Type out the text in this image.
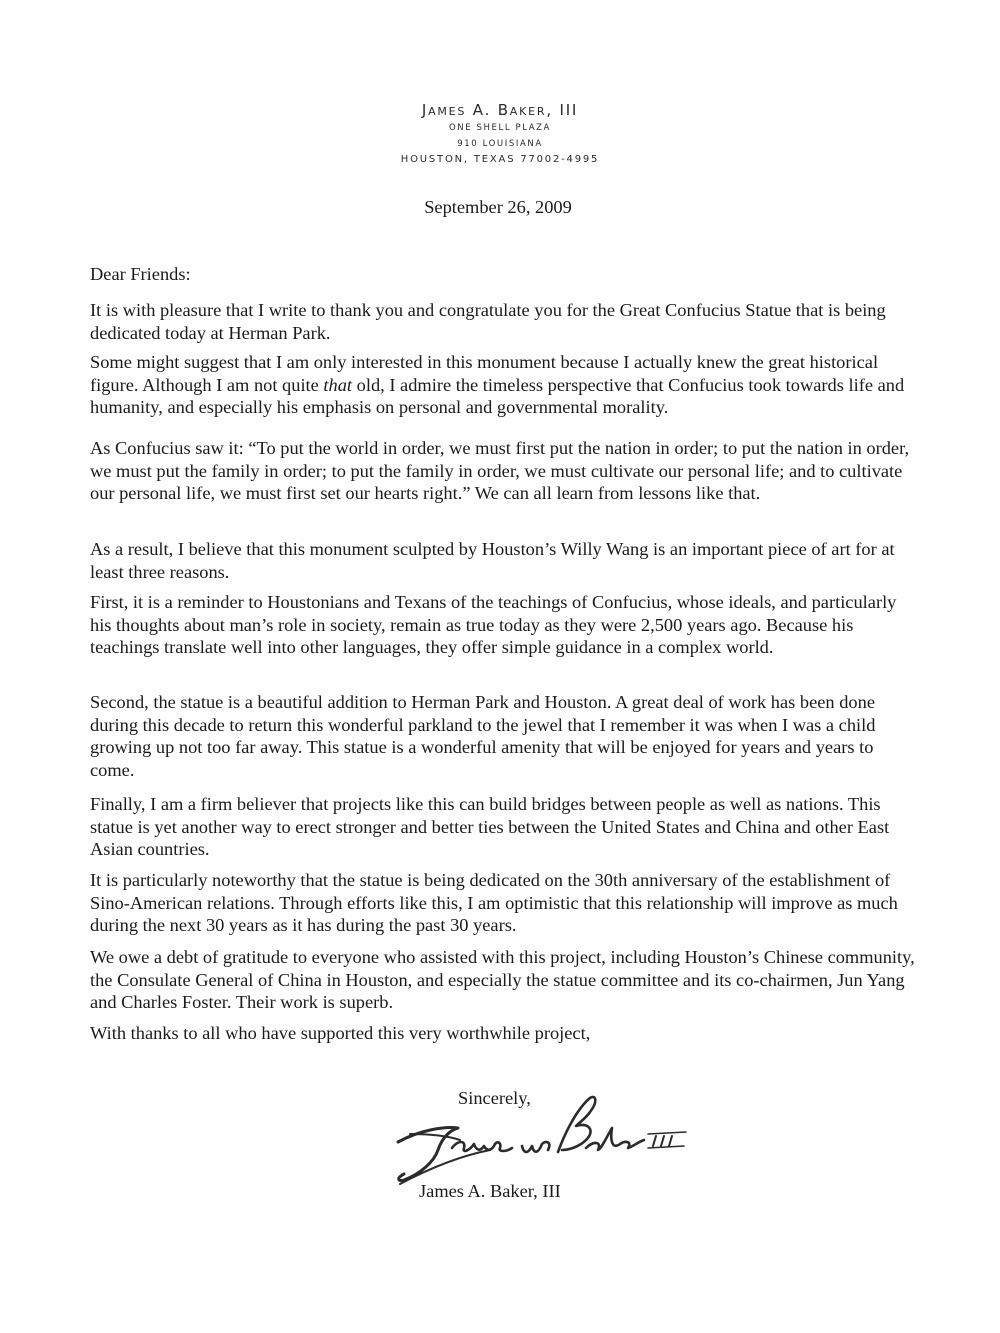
James A. Baker, III
ONE SHELL PLAZA
910 LOUISIANA
HOUSTON, TEXAS 77002-4995
September 26, 2009
Dear Friends:

It is with pleasure that I write to thank you and congratulate you for the Great Confucius Statue that is being dedicated today at Herman Park.

Some might suggest that I am only interested in this monument because I actually knew the great historical figure. Although I am not quite that old, I admire the timeless perspective that Confucius took towards life and humanity, and especially his emphasis on personal and governmental morality.

As Confucius saw it: “To put the world in order, we must first put the nation in order; to put the nation in order, we must put the family in order; to put the family in order, we must cultivate our personal life; and to cultivate our personal life, we must first set our hearts right.” We can all learn from lessons like that.

As a result, I believe that this monument sculpted by Houston’s Willy Wang is an important piece of art for at least three reasons.

First, it is a reminder to Houstonians and Texans of the teachings of Confucius, whose ideals, and particularly his thoughts about man’s role in society, remain as true today as they were 2,500 years ago. Because his teachings translate well into other languages, they offer simple guidance in a complex world.

Second, the statue is a beautiful addition to Herman Park and Houston. A great deal of work has been done during this decade to return this wonderful parkland to the jewel that I remember it was when I was a child growing up not too far away. This statue is a wonderful amenity that will be enjoyed for years and years to come.

Finally, I am a firm believer that projects like this can build bridges between people as well as nations. This statue is yet another way to erect stronger and better ties between the United States and China and other East Asian countries.

It is particularly noteworthy that the statue is being dedicated on the 30th anniversary of the establishment of Sino-American relations. Through efforts like this, I am optimistic that this relationship will improve as much during the next 30 years as it has during the past 30 years.

We owe a debt of gratitude to everyone who assisted with this project, including Houston’s Chinese community, the Consulate General of China in Houston, and especially the statue committee and its co-chairmen, Jun Yang and Charles Foster. Their work is superb.

With thanks to all who have supported this very worthwhile project,

Sincerely,
James A. Baker, III
